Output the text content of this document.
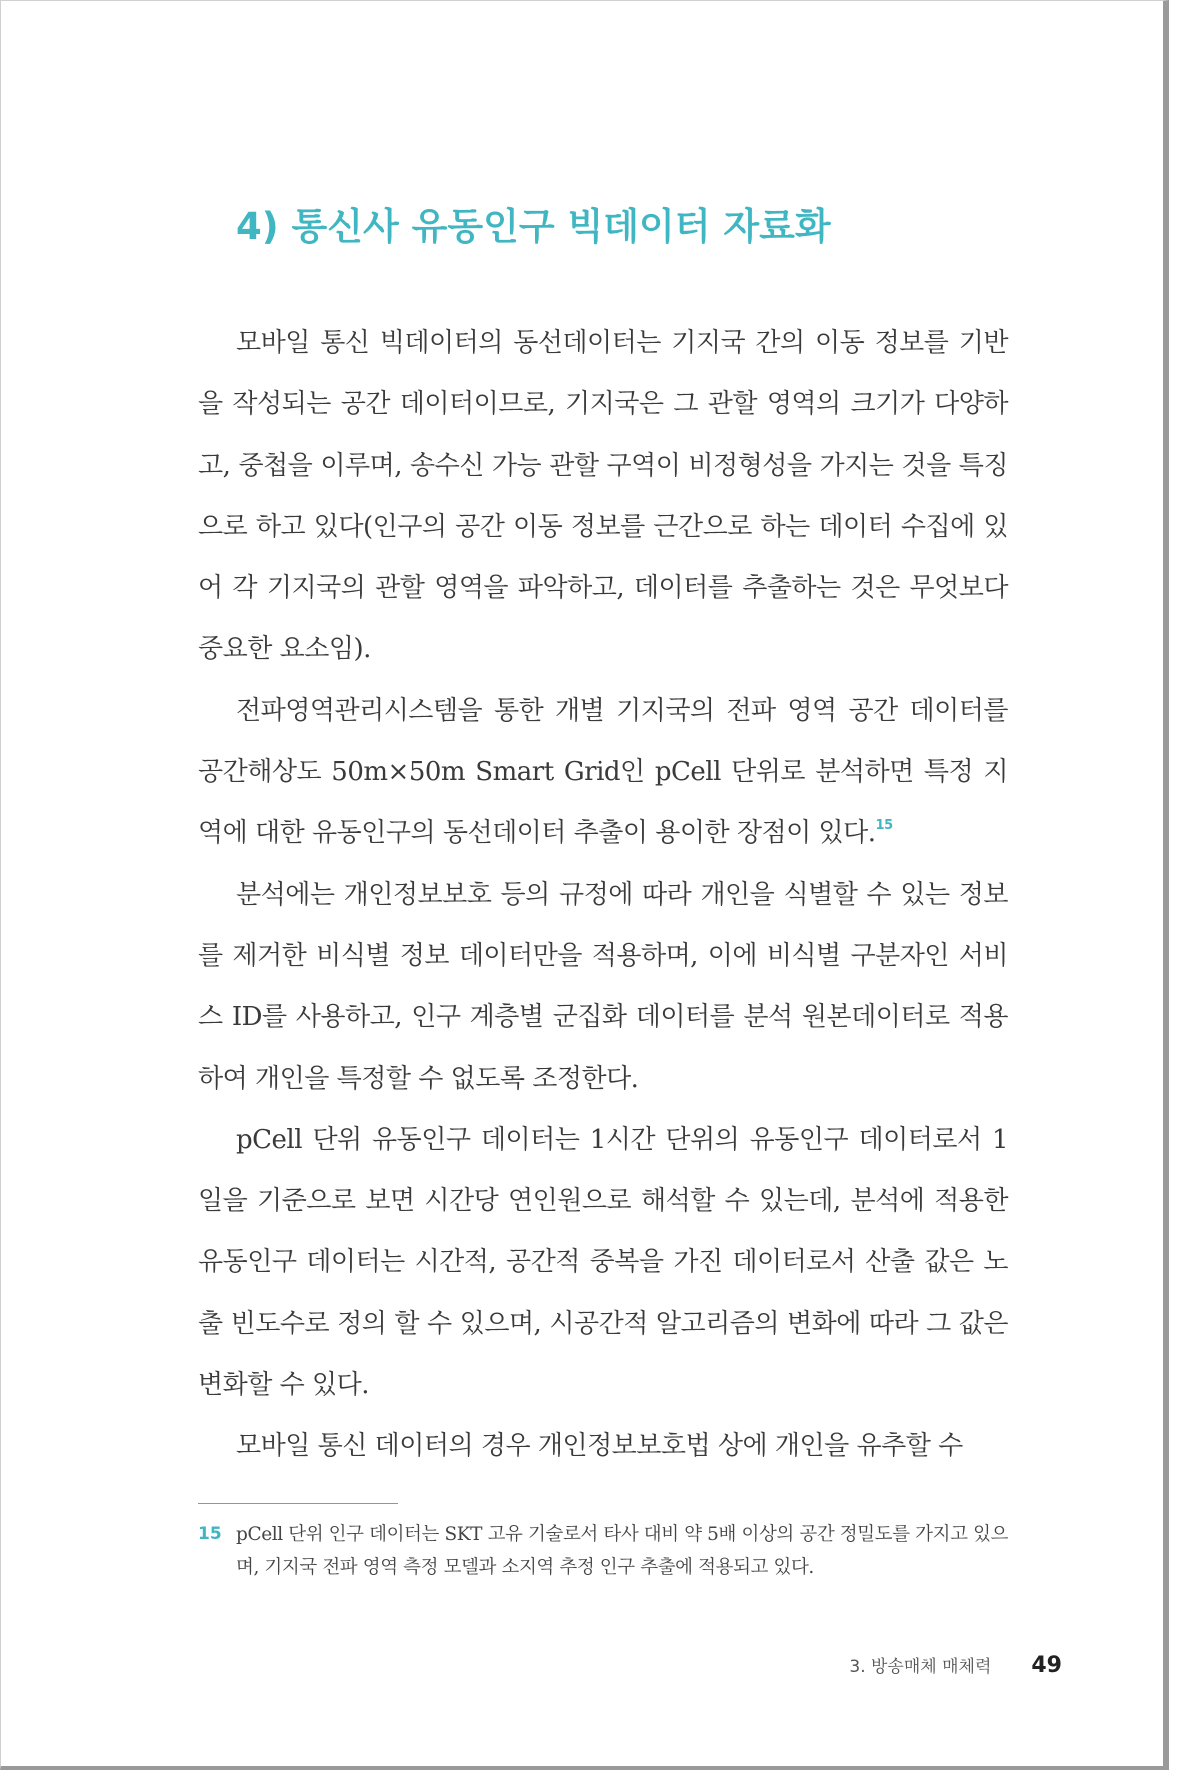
4) 통신사 유동인구 빅데이터 자료화

모바일 통신 빅데이터의 동선데이터는 기지국 간의 이동 정보를 기반을 작성되는 공간 데이터이므로, 기지국은 그 관할 영역의 크기가 다양하고, 중첩을 이루며, 송수신 가능 관할 구역이 비정형성을 가지는 것을 특징으로 하고 있다(인구의 공간 이동 정보를 근간으로 하는 데이터 수집에 있어 각 기지국의 관할 영역을 파악하고, 데이터를 추출하는 것은 무엇보다 중요한 요소임).

전파영역관리시스템을 통한 개별 기지국의 전파 영역 공간 데이터를 공간해상도 50m×50m Smart Grid인 pCell 단위로 분석하면 특정 지역에 대한 유동인구의 동선데이터 추출이 용이한 장점이 있다.$^{15}$

분석에는 개인정보보호 등의 규정에 따라 개인을 식별할 수 있는 정보를 제거한 비식별 정보 데이터만을 적용하며, 이에 비식별 구분자인 서비스 ID를 사용하고, 인구 계층별 군집화 데이터를 분석 원본데이터로 적용하여 개인을 특정할 수 없도록 조정한다.

pCell 단위 유동인구 데이터는 1시간 단위의 유동인구 데이터로서 1일을 기준으로 보면 시간당 연인원으로 해석할 수 있는데, 분석에 적용한 유동인구 데이터는 시간적, 공간적 중복을 가진 데이터로서 산출 값은 노출 빈도수로 정의 할 수 있으며, 시공간적 알고리즘의 변화에 따라 그 값은 변화할 수 있다.

모바일 통신 데이터의 경우 개인정보보호법 상에 개인을 유추할 수

15 pCell 단위 인구 데이터는 SKT 고유 기술로서 타사 대비 약 5배 이상의 공간 정밀도를 가지고 있으며, 기지국 전파 영역 측정 모델과 소지역 추정 인구 추출에 적용되고 있다.
3. 방송매체 매체력 49
